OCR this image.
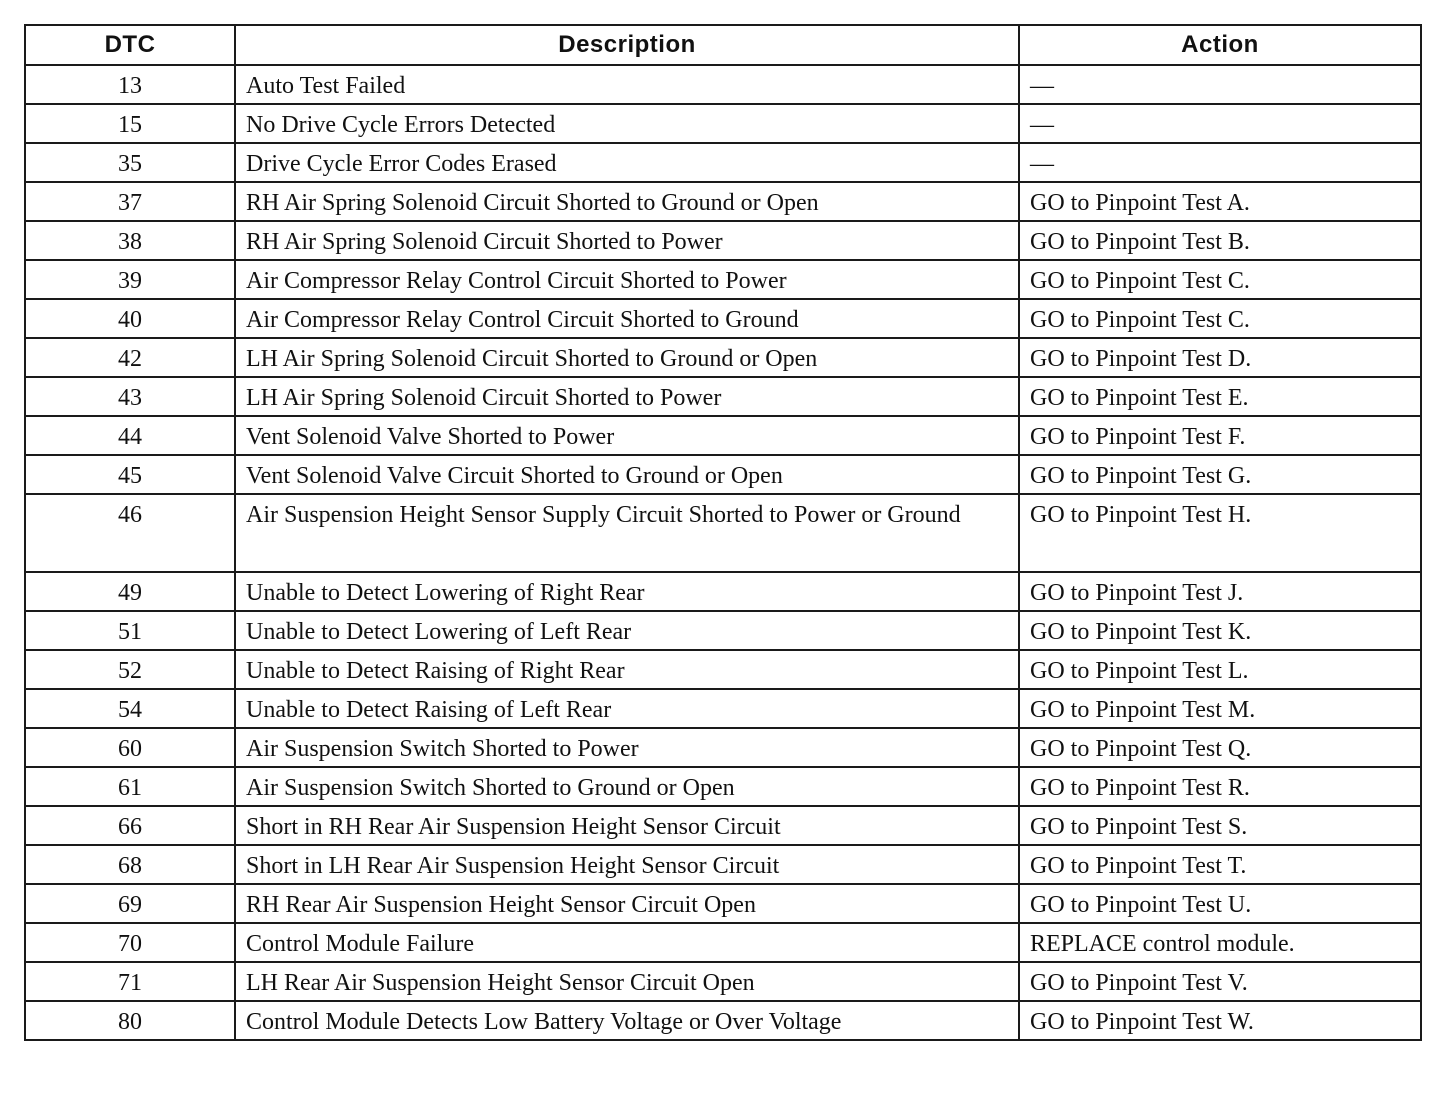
DTC	Description	Action
13	Auto Test Failed	—
15	No Drive Cycle Errors Detected	—
35	Drive Cycle Error Codes Erased	—
37	RH Air Spring Solenoid Circuit Shorted to Ground or Open	GO to Pinpoint Test A.
38	RH Air Spring Solenoid Circuit Shorted to Power	GO to Pinpoint Test B.
39	Air Compressor Relay Control Circuit Shorted to Power	GO to Pinpoint Test C.
40	Air Compressor Relay Control Circuit Shorted to Ground	GO to Pinpoint Test C.
42	LH Air Spring Solenoid Circuit Shorted to Ground or Open	GO to Pinpoint Test D.
43	LH Air Spring Solenoid Circuit Shorted to Power	GO to Pinpoint Test E.
44	Vent Solenoid Valve Shorted to Power	GO to Pinpoint Test F.
45	Vent Solenoid Valve Circuit Shorted to Ground or Open	GO to Pinpoint Test G.
46	Air Suspension Height Sensor Supply Circuit Shorted to Power or Ground	GO to Pinpoint Test H.
49	Unable to Detect Lowering of Right Rear	GO to Pinpoint Test J.
51	Unable to Detect Lowering of Left Rear	GO to Pinpoint Test K.
52	Unable to Detect Raising of Right Rear	GO to Pinpoint Test L.
54	Unable to Detect Raising of Left Rear	GO to Pinpoint Test M.
60	Air Suspension Switch Shorted to Power	GO to Pinpoint Test Q.
61	Air Suspension Switch Shorted to Ground or Open	GO to Pinpoint Test R.
66	Short in RH Rear Air Suspension Height Sensor Circuit	GO to Pinpoint Test S.
68	Short in LH Rear Air Suspension Height Sensor Circuit	GO to Pinpoint Test T.
69	RH Rear Air Suspension Height Sensor Circuit Open	GO to Pinpoint Test U.
70	Control Module Failure	REPLACE control module.
71	LH Rear Air Suspension Height Sensor Circuit Open	GO to Pinpoint Test V.
80	Control Module Detects Low Battery Voltage or Over Voltage	GO to Pinpoint Test W.
